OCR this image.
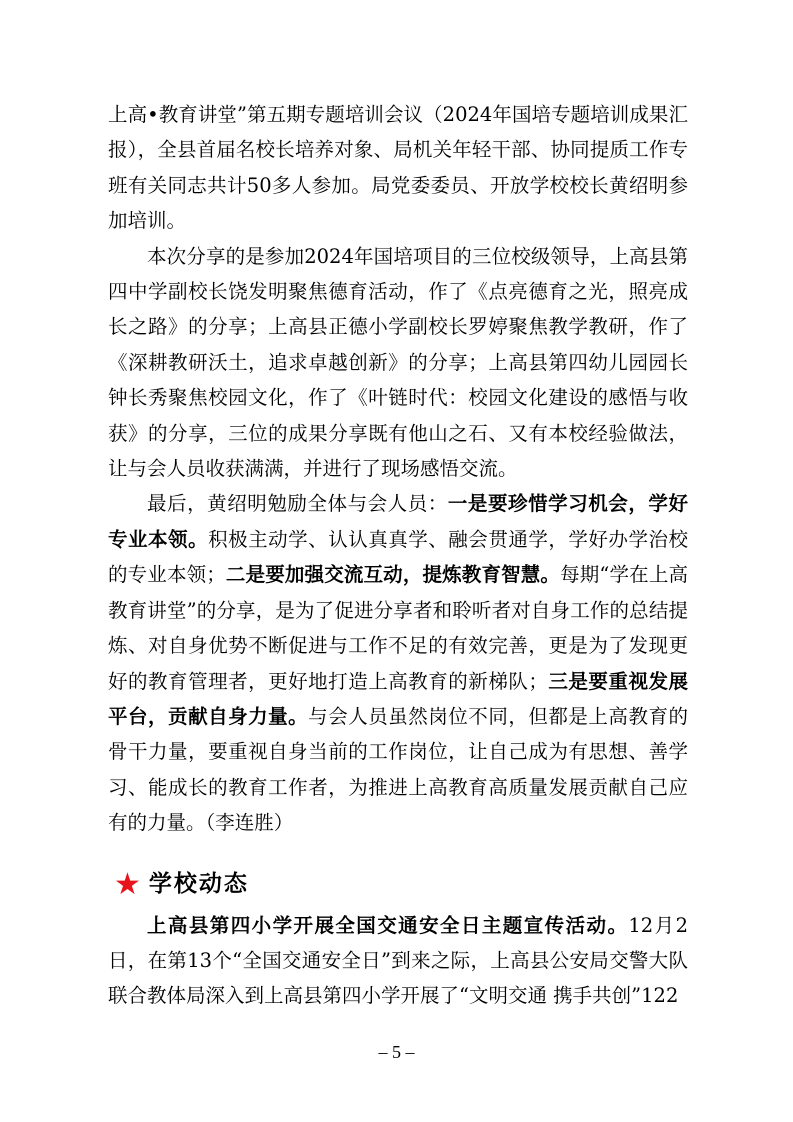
上高•教育讲堂”第五期专题培训会议（2024年国培专题培训成果汇报），全县首届名校长培养对象、局机关年轻干部、协同提质工作专班有关同志共计50多人参加。局党委委员、开放学校校长黄绍明参加培训。

本次分享的是参加2024年国培项目的三位校级领导，上高县第四中学副校长饶发明聚焦德育活动，作了《点亮德育之光，照亮成长之路》的分享；上高县正德小学副校长罗婷聚焦教学教研，作了《深耕教研沃土，追求卓越创新》的分享；上高县第四幼儿园园长钟长秀聚焦校园文化，作了《叶链时代：校园文化建设的感悟与收获》的分享，三位的成果分享既有他山之石、又有本校经验做法，让与会人员收获满满，并进行了现场感悟交流。

最后，黄绍明勉励全体与会人员：一是要珍惜学习机会，学好专业本领。积极主动学、认认真真学、融会贯通学，学好办学治校的专业本领；二是要加强交流互动，提炼教育智慧。每期“学在上高教育讲堂”的分享，是为了促进分享者和聆听者对自身工作的总结提炼、对自身优势不断促进与工作不足的有效完善，更是为了发现更好的教育管理者，更好地打造上高教育的新梯队；三是要重视发展平台，贡献自身力量。与会人员虽然岗位不同，但都是上高教育的骨干力量，要重视自身当前的工作岗位，让自己成为有思想、善学习、能成长的教育工作者，为推进上高教育高质量发展贡献自己应有的力量。（李连胜）

★ 学校动态

上高县第四小学开展全国交通安全日主题宣传活动。12月2日，在第13个“全国交通安全日”到来之际，上高县公安局交警大队联合教体局深入到上高县第四小学开展了“文明交通 携手共创”122

– 5 –
